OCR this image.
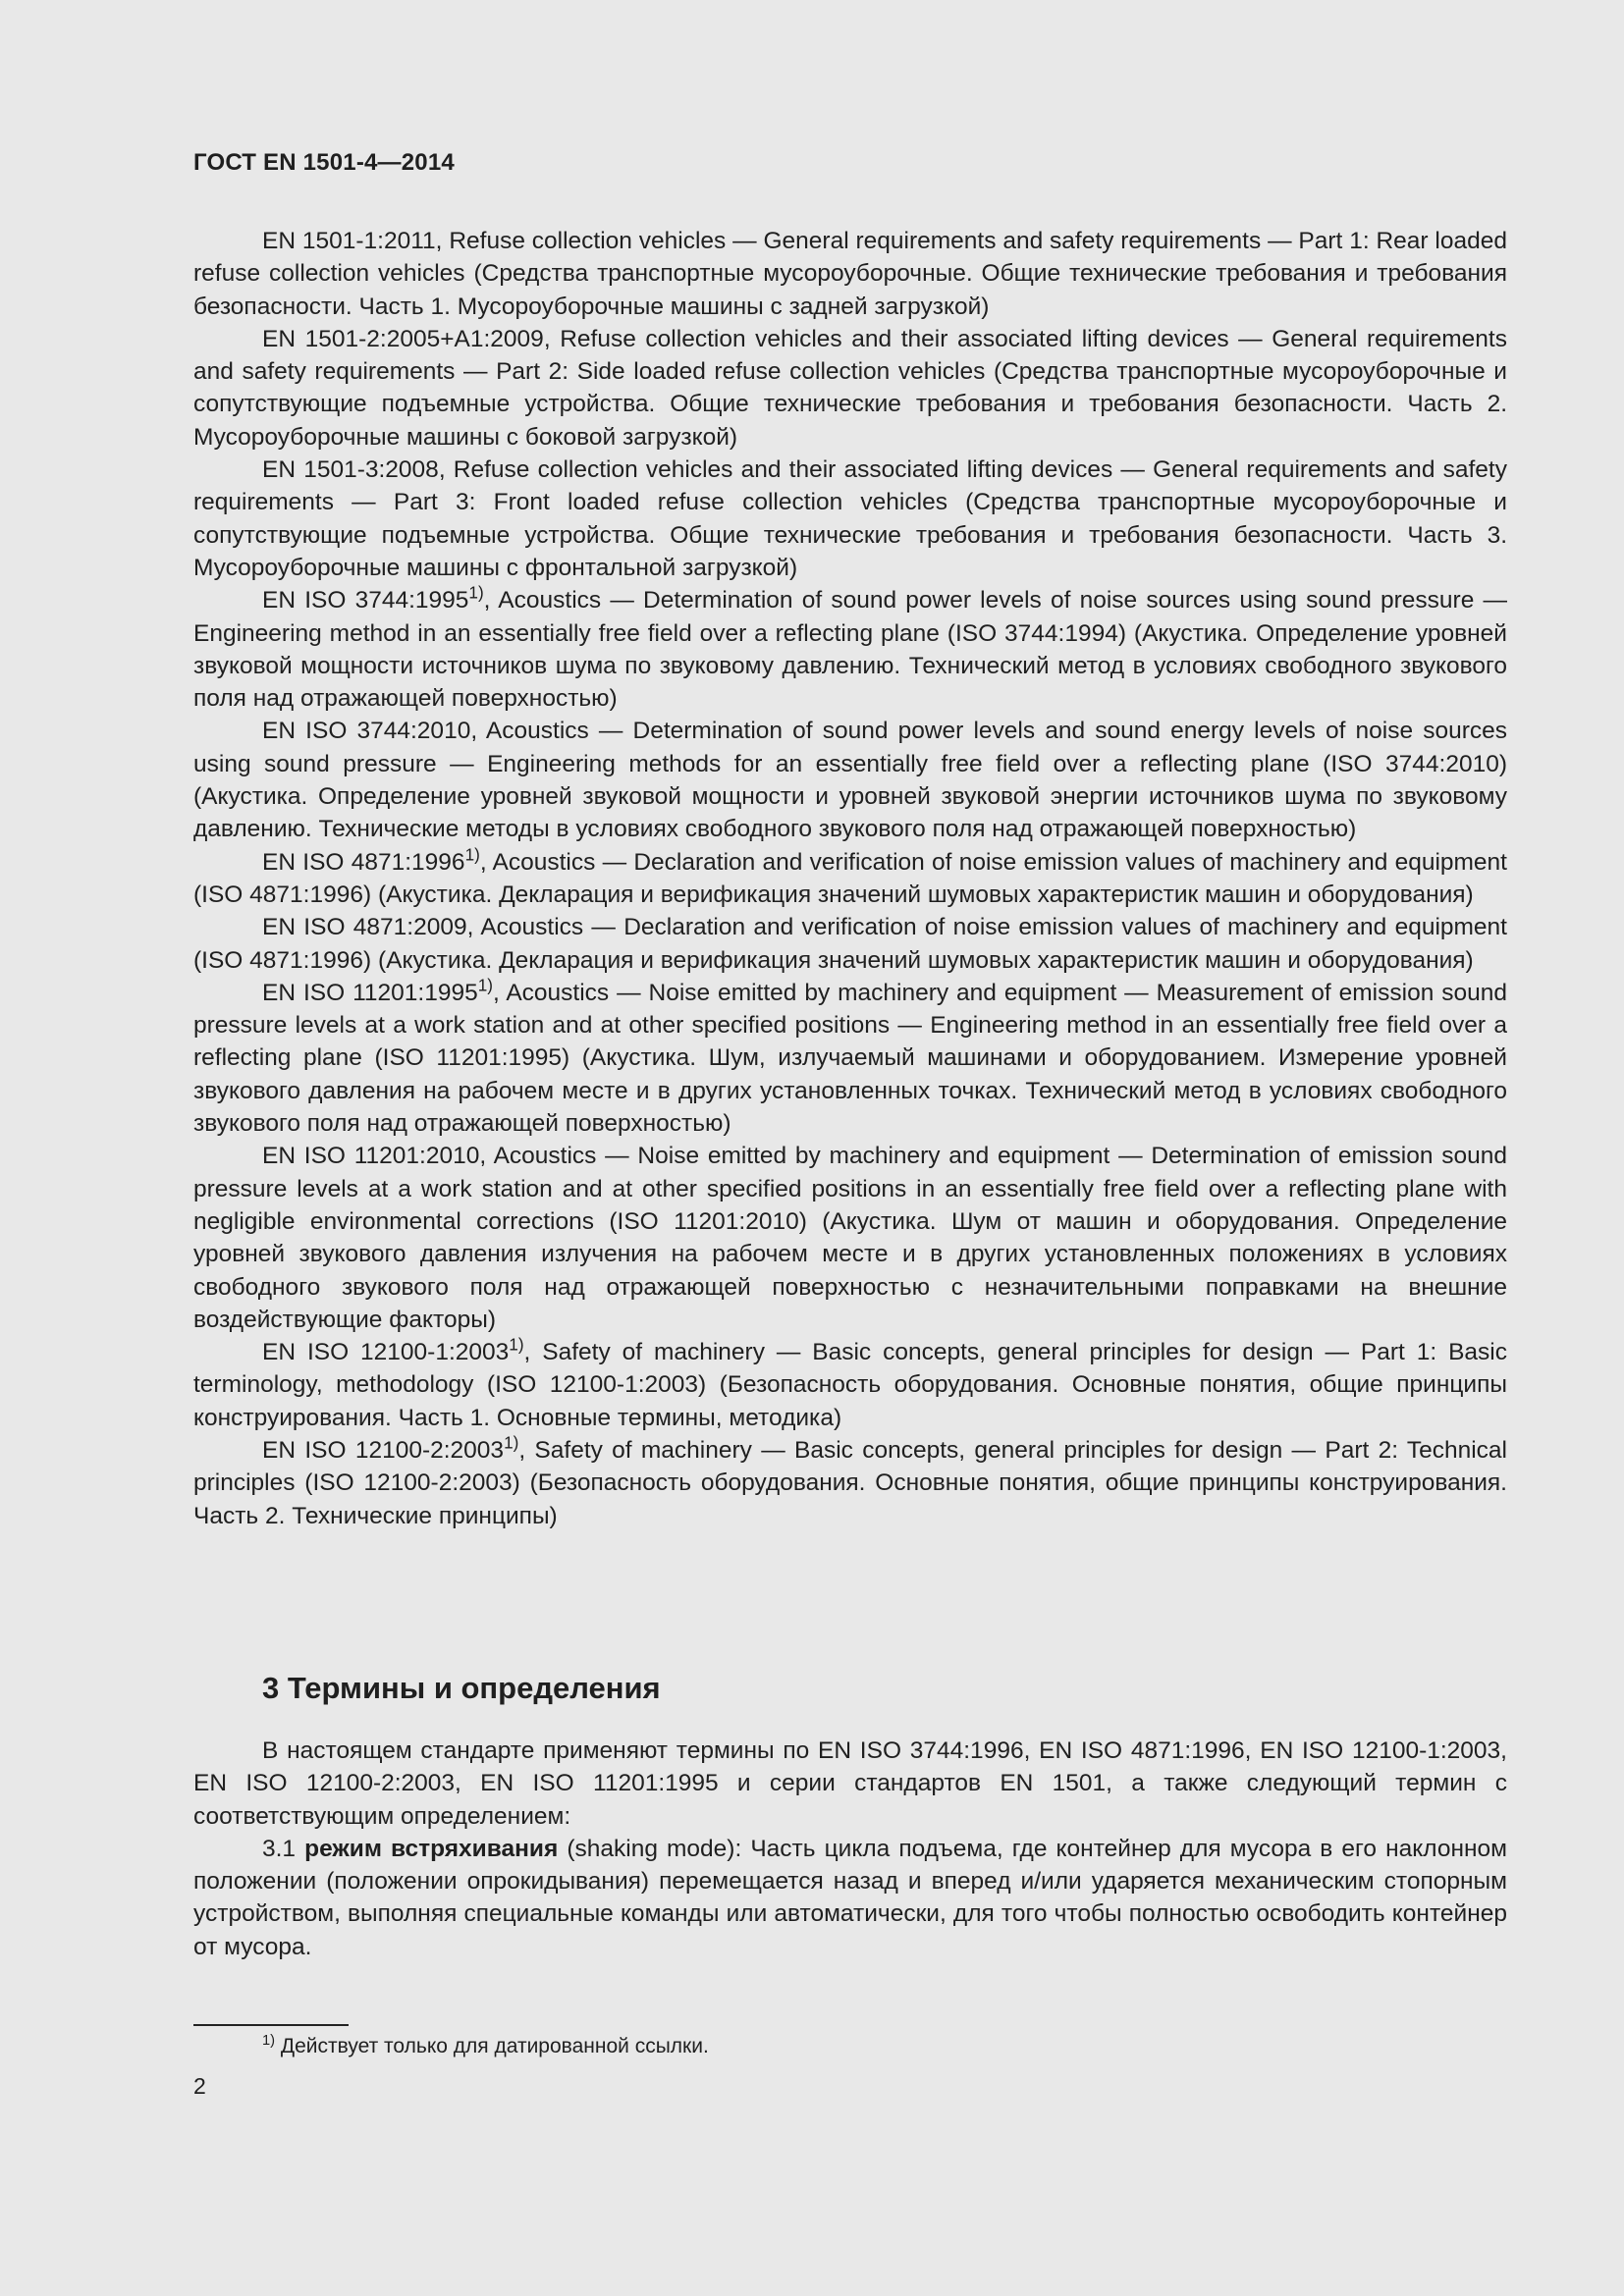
ГОСТ EN 1501-4—2014

EN 1501-1:2011, Refuse collection vehicles — General requirements and safety requirements — Part 1: Rear loaded refuse collection vehicles (Средства транспортные мусороуборочные. Общие технические требования и требования безопасности. Часть 1. Мусороуборочные машины с задней загрузкой)

EN 1501-2:2005+A1:2009, Refuse collection vehicles and their associated lifting devices — General requirements and safety requirements — Part 2: Side loaded refuse collection vehicles (Средства транспортные мусороуборочные и сопутствующие подъемные устройства. Общие технические требования и требования безопасности. Часть 2. Мусороуборочные машины с боковой загрузкой)

EN 1501-3:2008, Refuse collection vehicles and their associated lifting devices — General requirements and safety requirements — Part 3: Front loaded refuse collection vehicles (Средства транспортные мусороуборочные и сопутствующие подъемные устройства. Общие технические требования и требования безопасности. Часть 3. Мусороуборочные машины с фронтальной загрузкой)

EN ISO 3744:1995$^{1)}$, Acoustics — Determination of sound power levels of noise sources using sound pressure — Engineering method in an essentially free field over a reflecting plane (ISO 3744:1994) (Акустика. Определение уровней звуковой мощности источников шума по звуковому давлению. Технический метод в условиях свободного звукового поля над отражающей поверхностью)

EN ISO 3744:2010, Acoustics — Determination of sound power levels and sound energy levels of noise sources using sound pressure — Engineering methods for an essentially free field over a reflecting plane (ISO 3744:2010) (Акустика. Определение уровней звуковой мощности и уровней звуковой энергии источников шума по звуковому давлению. Технические методы в условиях свободного звукового поля над отражающей поверхностью)

EN ISO 4871:1996$^{1)}$, Acoustics — Declaration and verification of noise emission values of machinery and equipment (ISO 4871:1996) (Акустика. Декларация и верификация значений шумовых характеристик машин и оборудования)

EN ISO 4871:2009, Acoustics — Declaration and verification of noise emission values of machinery and equipment (ISO 4871:1996) (Акустика. Декларация и верификация значений шумовых характеристик машин и оборудования)

EN ISO 11201:1995$^{1)}$, Acoustics — Noise emitted by machinery and equipment — Measurement of emission sound pressure levels at a work station and at other specified positions — Engineering method in an essentially free field over a reflecting plane (ISO 11201:1995) (Акустика. Шум, излучаемый машинами и оборудованием. Измерение уровней звукового давления на рабочем месте и в других установленных точках. Технический метод в условиях свободного звукового поля над отражающей поверхностью)

EN ISO 11201:2010, Acoustics — Noise emitted by machinery and equipment — Determination of emission sound pressure levels at a work station and at other specified positions in an essentially free field over a reflecting plane with negligible environmental corrections (ISO 11201:2010) (Акустика. Шум от машин и оборудования. Определение уровней звукового давления излучения на рабочем месте и в других установленных положениях в условиях свободного звукового поля над отражающей поверхностью с незначительными поправками на внешние воздействующие факторы)

EN ISO 12100-1:2003$^{1)}$, Safety of machinery — Basic concepts, general principles for design — Part 1: Basic terminology, methodology (ISO 12100-1:2003) (Безопасность оборудования. Основные понятия, общие принципы конструирования. Часть 1. Основные термины, методика)

EN ISO 12100-2:2003$^{1)}$, Safety of machinery — Basic concepts, general principles for design — Part 2: Technical principles (ISO 12100-2:2003) (Безопасность оборудования. Основные понятия, общие принципы конструирования. Часть 2. Технические принципы)

3 Термины и определения

В настоящем стандарте применяют термины по EN ISO 3744:1996, EN ISO 4871:1996, EN ISO 12100-1:2003, EN ISO 12100-2:2003, EN ISO 11201:1995 и серии стандартов EN 1501, а также следующий термин с соответствующим определением:

3.1 режим встряхивания (shaking mode): Часть цикла подъема, где контейнер для мусора в его наклонном положении (положении опрокидывания) перемещается назад и вперед и/или ударяется механическим стопорным устройством, выполняя специальные команды или автоматически, для того чтобы полностью освободить контейнер от мусора.

$^{1)}$ Действует только для датированной ссылки.
2
